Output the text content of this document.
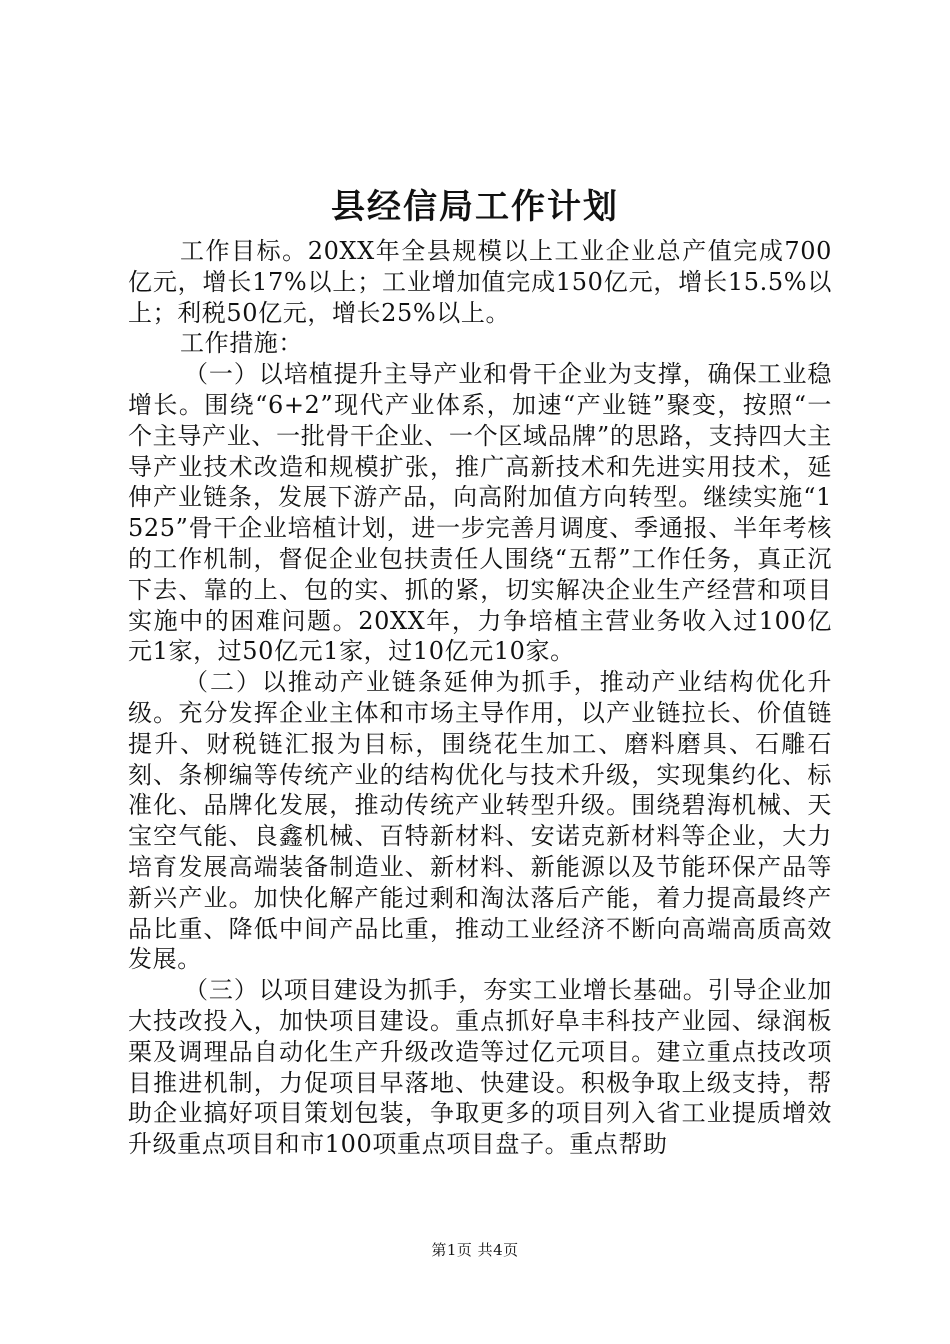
县经信局工作计划

工作目标。20XX年全县规模以上工业企业总产值完成700亿元，增长17%以上；工业增加值完成150亿元，增长15.5%以上；利税50亿元，增长25%以上。

工作措施：

（一）以培植提升主导产业和骨干企业为支撑，确保工业稳增长。围绕“6+2”现代产业体系，加速“产业链”聚变，按照“一个主导产业、一批骨干企业、一个区域品牌”的思路，支持四大主导产业技术改造和规模扩张，推广高新技术和先进实用技术，延伸产业链条，发展下游产品，向高附加值方向转型。继续实施“1525”骨干企业培植计划，进一步完善月调度、季通报、半年考核的工作机制，督促企业包扶责任人围绕“五帮”工作任务，真正沉下去、靠的上、包的实、抓的紧，切实解决企业生产经营和项目实施中的困难问题。20XX年，力争培植主营业务收入过100亿元1家，过50亿元1家，过10亿元10家。

（二）以推动产业链条延伸为抓手，推动产业结构优化升级。充分发挥企业主体和市场主导作用，以产业链拉长、价值链提升、财税链汇报为目标，围绕花生加工、磨料磨具、石雕石刻、条柳编等传统产业的结构优化与技术升级，实现集约化、标准化、品牌化发展，推动传统产业转型升级。围绕碧海机械、天宝空气能、良鑫机械、百特新材料、安诺克新材料等企业，大力培育发展高端装备制造业、新材料、新能源以及节能环保产品等新兴产业。加快化解产能过剩和淘汰落后产能，着力提高最终产品比重、降低中间产品比重，推动工业经济不断向高端高质高效发展。

（三）以项目建设为抓手，夯实工业增长基础。引导企业加大技改投入，加快项目建设。重点抓好阜丰科技产业园、绿润板栗及调理品自动化生产升级改造等过亿元项目。建立重点技改项目推进机制，力促项目早落地、快建设。积极争取上级支持，帮助企业搞好项目策划包装，争取更多的项目列入省工业提质增效升级重点项目和市100项重点项目盘子。重点帮助

第1页 共4页
